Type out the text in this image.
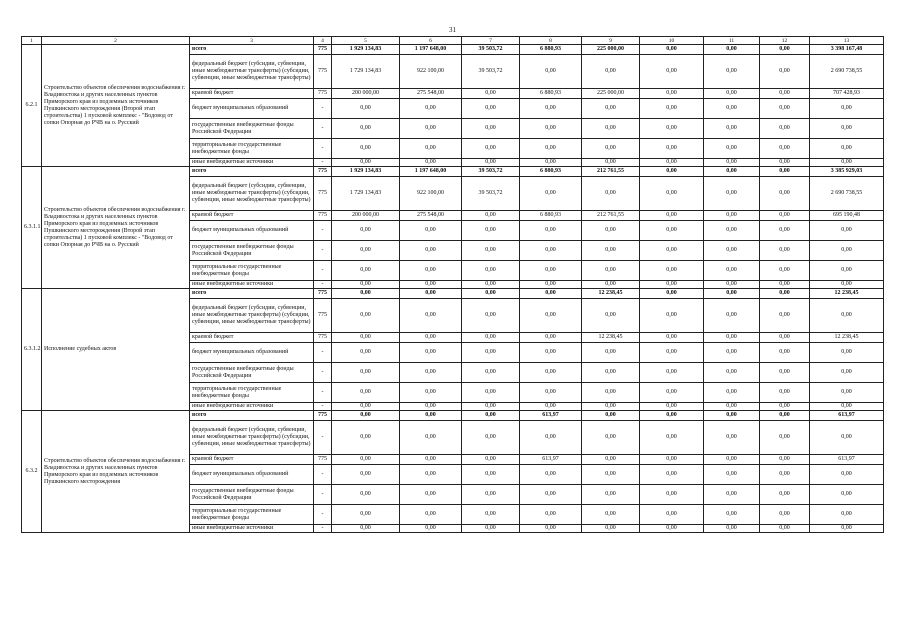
31
1	2	3	4	5	6	7	8	9	10	11	12	13
6.2.1	Строительство объектов обеспечения водоснабжения г. Владивостока и других населенных пунктов Приморского края из подземных источников Пушкинского месторождения (Второй этап строительства) 1 пусковой комплекс - "Водовод от сопки Опорная до РЧВ на о. Русский	всего	775	1 929 134,83	1 197 648,00	39 503,72	6 880,93	225 000,00	0,00	0,00	0,00	3 398 167,48
		федеральный бюджет (субсидии, субвенции, иные межбюджетные трансферты) (субсидии, субвенции, иные межбюджетные трансферты)	775	1 729 134,83	922 100,00	39 503,72	0,00	0,00	0,00	0,00	0,00	2 690 738,55
		краевой бюджет	775	200 000,00	275 548,00	0,00	6 880,93	225 000,00	0,00	0,00	0,00	707 428,93
		бюджет муниципальных образований	-	0,00	0,00	0,00	0,00	0,00	0,00	0,00	0,00	0,00
		государственные внебюджетные фонды Российской Федерации	-	0,00	0,00	0,00	0,00	0,00	0,00	0,00	0,00	0,00
		территориальные государственные внебюджетные фонды	-	0,00	0,00	0,00	0,00	0,00	0,00	0,00	0,00	0,00
		иные внебюджетные источники	-	0,00	0,00	0,00	0,00	0,00	0,00	0,00	0,00	0,00
6.3.1.1	Строительство объектов обеспечения водоснабжения г. Владивостока и других населенных пунктов Приморского края из подземных источников Пушкинского месторождения (Второй этап строительства) 1 пусковой комплекс - "Водовод от сопки Опорная до РЧВ на о. Русский	всего	775	1 929 134,83	1 197 648,00	39 503,72	6 880,93	212 761,55	0,00	0,00	0,00	3 385 929,03
		федеральный бюджет (субсидии, субвенции, иные межбюджетные трансферты) (субсидии, субвенции, иные межбюджетные трансферты)	775	1 729 134,83	922 100,00	39 503,72	0,00	0,00	0,00	0,00	0,00	2 690 738,55
		краевой бюджет	775	200 000,00	275 548,00	0,00	6 880,93	212 761,55	0,00	0,00	0,00	695 190,48
		бюджет муниципальных образований	-	0,00	0,00	0,00	0,00	0,00	0,00	0,00	0,00	0,00
		государственные внебюджетные фонды Российской Федерации	-	0,00	0,00	0,00	0,00	0,00	0,00	0,00	0,00	0,00
		территориальные государственные внебюджетные фонды	-	0,00	0,00	0,00	0,00	0,00	0,00	0,00	0,00	0,00
		иные внебюджетные источники	-	0,00	0,00	0,00	0,00	0,00	0,00	0,00	0,00	0,00
6.3.1.2	Исполнение судебных актов	всего	775	0,00	0,00	0,00	0,00	12 238,45	0,00	0,00	0,00	12 238,45
		федеральный бюджет (субсидии, субвенции, иные межбюджетные трансферты) (субсидии, субвенции, иные межбюджетные трансферты)	775	0,00	0,00	0,00	0,00	0,00	0,00	0,00	0,00	0,00
		краевой бюджет	775	0,00	0,00	0,00	0,00	12 238,45	0,00	0,00	0,00	12 238,45
		бюджет муниципальных образований	-	0,00	0,00	0,00	0,00	0,00	0,00	0,00	0,00	0,00
		государственные внебюджетные фонды Российской Федерации	-	0,00	0,00	0,00	0,00	0,00	0,00	0,00	0,00	0,00
		территориальные государственные внебюджетные фонды	-	0,00	0,00	0,00	0,00	0,00	0,00	0,00	0,00	0,00
		иные внебюджетные источники	-	0,00	0,00	0,00	0,00	0,00	0,00	0,00	0,00	0,00
6.3.2	Строительство объектов обеспечения водоснабжения г. Владивостока и других населенных пунктов Приморского края из подземных источников Пушкинского месторождения	всего	775	0,00	0,00	0,00	613,97	0,00	0,00	0,00	0,00	613,97
		федеральный бюджет (субсидии, субвенции, иные межбюджетные трансферты) (субсидии, субвенции, иные межбюджетные трансферты)	-	0,00	0,00	0,00	0,00	0,00	0,00	0,00	0,00	0,00
		краевой бюджет	775	0,00	0,00	0,00	613,97	0,00	0,00	0,00	0,00	613,97
		бюджет муниципальных образований	-	0,00	0,00	0,00	0,00	0,00	0,00	0,00	0,00	0,00
		государственные внебюджетные фонды Российской Федерации	-	0,00	0,00	0,00	0,00	0,00	0,00	0,00	0,00	0,00
		территориальные государственные внебюджетные фонды	-	0,00	0,00	0,00	0,00	0,00	0,00	0,00	0,00	0,00
		иные внебюджетные источники	-	0,00	0,00	0,00	0,00	0,00	0,00	0,00	0,00	0,00
